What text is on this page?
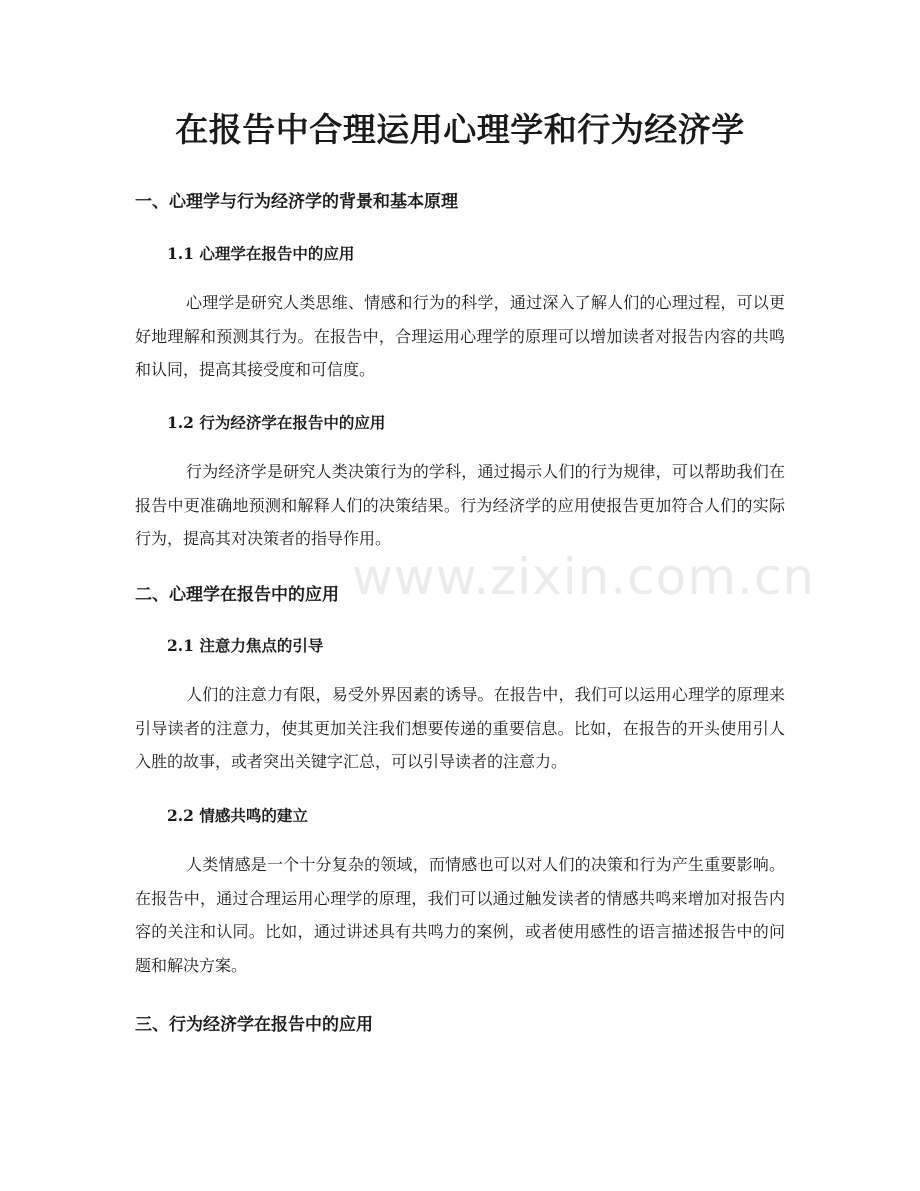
www.zixin.com.cn
在报告中合理运用心理学和行为经济学
一、心理学与行为经济学的背景和基本原理
1.1 心理学在报告中的应用

心理学是研究人类思维、情感和行为的科学，通过深入了解人们的心理过程，可以更好地理解和预测其行为。在报告中，合理运用心理学的原理可以增加读者对报告内容的共鸣和认同，提高其接受度和可信度。

1.2 行为经济学在报告中的应用

行为经济学是研究人类决策行为的学科，通过揭示人们的行为规律，可以帮助我们在报告中更准确地预测和解释人们的决策结果。行为经济学的应用使报告更加符合人们的实际行为，提高其对决策者的指导作用。

二、心理学在报告中的应用
2.1 注意力焦点的引导

人们的注意力有限，易受外界因素的诱导。在报告中，我们可以运用心理学的原理来引导读者的注意力，使其更加关注我们想要传递的重要信息。比如，在报告的开头使用引人入胜的故事，或者突出关键字汇总，可以引导读者的注意力。

2.2 情感共鸣的建立

人类情感是一个十分复杂的领域，而情感也可以对人们的决策和行为产生重要影响。在报告中，通过合理运用心理学的原理，我们可以通过触发读者的情感共鸣来增加对报告内容的关注和认同。比如，通过讲述具有共鸣力的案例，或者使用感性的语言描述报告中的问题和解决方案。

三、行为经济学在报告中的应用
